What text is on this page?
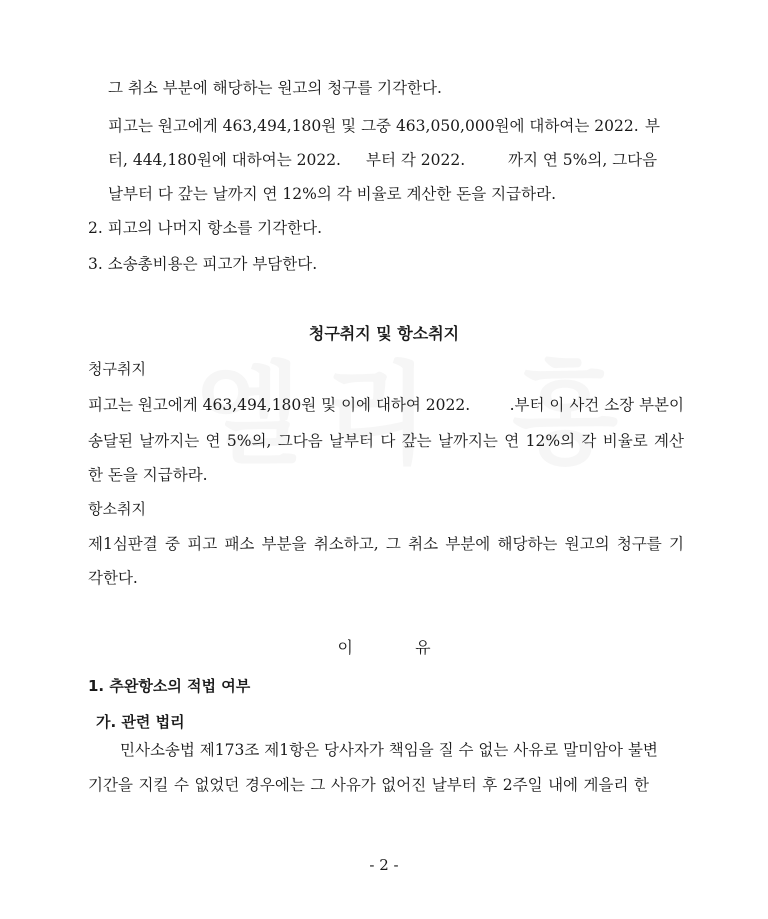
그 취소 부분에 해당하는 원고의 청구를 기각한다.
피고는 원고에게 463,494,180원 및 그중 463,050,000원에 대하여는 2022. 부
터, 444,180원에 대하여는 2022. 부터 각 2022.	까지 연 5%의, 그다음
날부터 다 갚는 날까지 연 12%의 각 비율로 계산한 돈을 지급하라.
2. 피고의 나머지 항소를 기각한다.
3. 소송총비용은 피고가 부담한다.
청구취지 및 항소취지
청구취지
피고는 원고에게 463,494,180원 및 이에 대하여 2022.	.부터 이 사건 소장 부본이
송달된 날까지는 연 5%의, 그다음 날부터 다 갚는 날까지는 연 12%의 각 비율로 계산
한 돈을 지급하라.
항소취지
제1심판결 중 피고 패소 부분을 취소하고, 그 취소 부분에 해당하는 원고의 청구를 기
각한다.
이	유
1. 추완항소의 적법 여부
가. 관련 법리
민사소송법 제173조 제1항은 당사자가 책임을 질 수 없는 사유로 말미암아 불변
기간을 지킬 수 없었던 경우에는 그 사유가 없어진 날부터 후 2주일 내에 게을리 한
- 2 -
